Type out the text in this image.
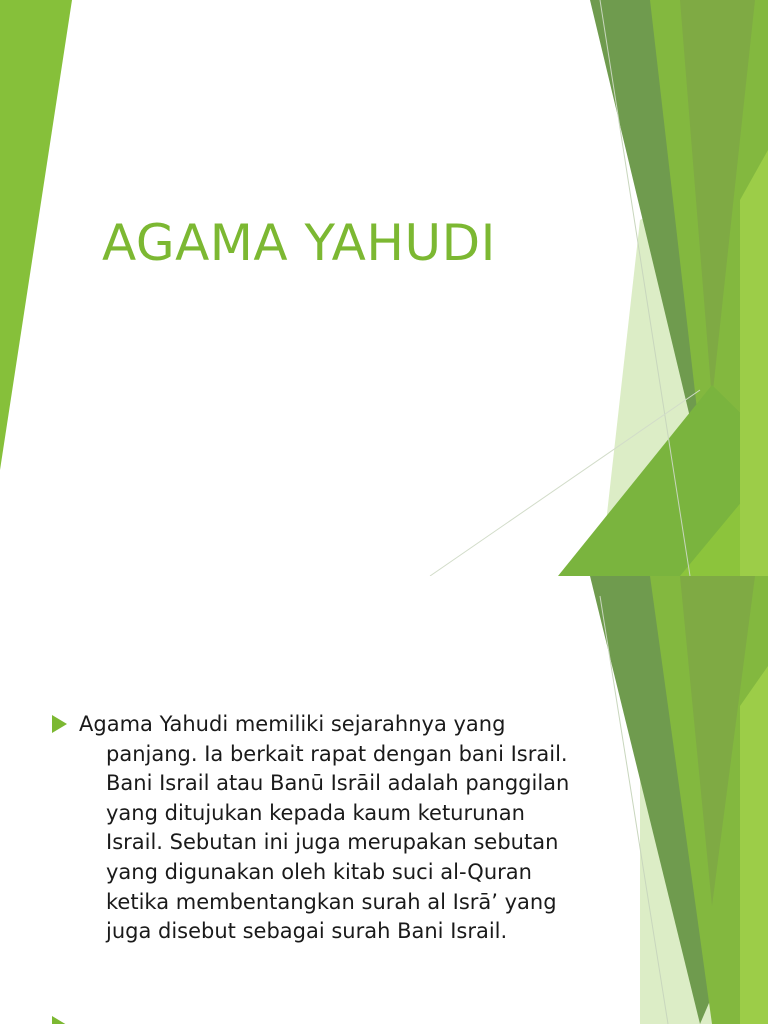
AGAMA YAHUDI

Agama Yahudi memiliki sejarahnya yang panjang. Ia berkait rapat dengan bani Israil. Bani Israil atau Banū Isrāil adalah panggilan yang ditujukan kepada kaum keturunan Israil. Sebutan ini juga merupakan sebutan yang digunakan oleh kitab suci al-Quran ketika membentangkan surah al Isrā’ yang juga disebut sebagai surah Bani Israil.
